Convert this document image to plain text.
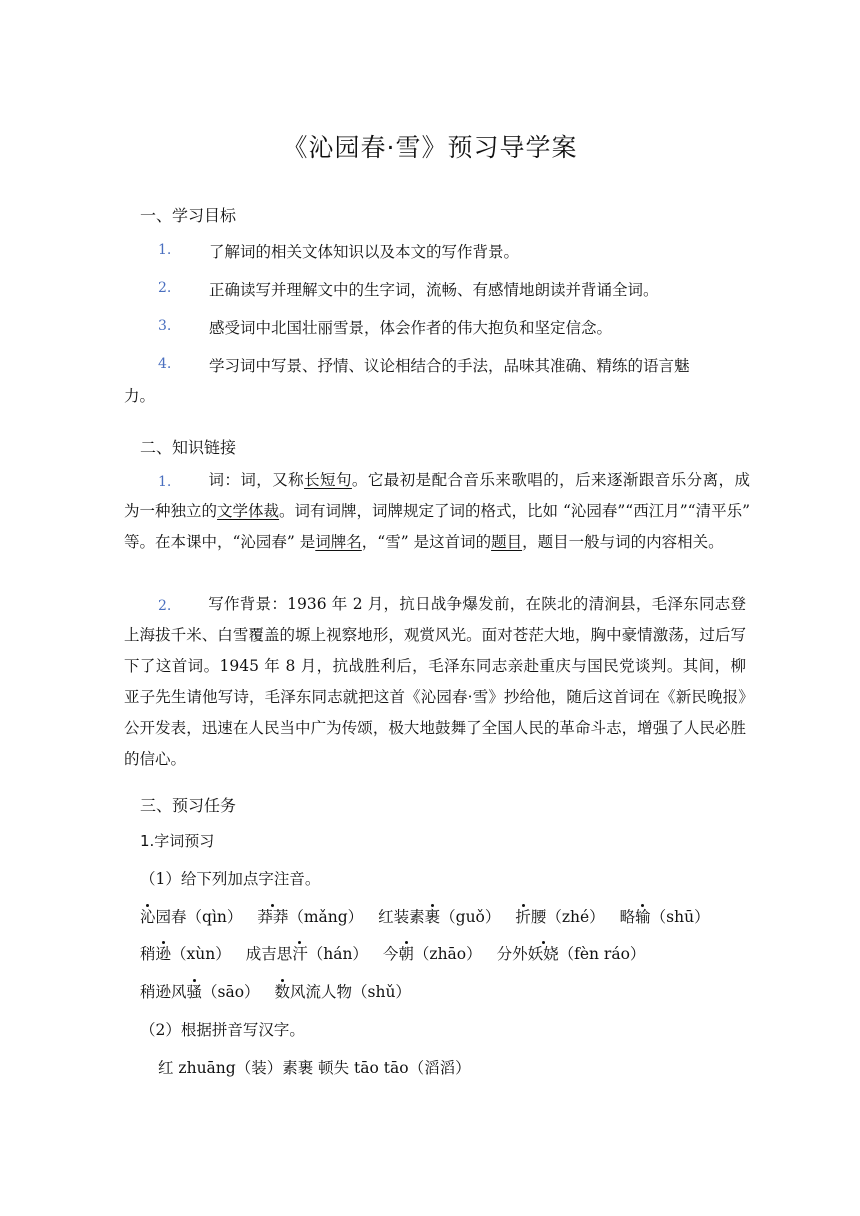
《沁园春·雪》预习导学案
一、学习目标
1. 了解词的相关文体知识以及本文的写作背景。
2. 正确读写并理解文中的生字词，流畅、有感情地朗读并背诵全词。
3. 感受词中北国壮丽雪景，体会作者的伟大抱负和坚定信念。
4. 学习词中写景、抒情、议论相结合的手法，品味其准确、精练的语言魅
力。
二、知识链接
1.	词：词，又称长短句。它最初是配合音乐来歌唱的，后来逐渐跟音乐分离，成为一种独立的文学体裁。词有词牌，词牌规定了词的格式，比如 “沁园春”“西江月”“清平乐” 等。在本课中，“沁园春” 是词牌名，“雪” 是这首词的题目，题目一般与词的内容相关。
2.	写作背景：1936 年 2 月，抗日战争爆发前，在陕北的清涧县，毛泽东同志登上海拔千米、白雪覆盖的塬上视察地形，观赏风光。面对苍茫大地，胸中豪情激荡，过后写下了这首词。1945 年 8 月，抗战胜利后，毛泽东同志亲赴重庆与国民党谈判。其间，柳亚子先生请他写诗，毛泽东同志就把这首《沁园春·雪》抄给他，随后这首词在《新民晚报》公开发表，迅速在人民当中广为传颂，极大地鼓舞了全国人民的革命斗志，增强了人民必胜的信心。
三、预习任务
1.字词预习
（1）给下列加点字注音。
沁园春（qìn） 莽莽（mǎng） 红装素裹（guǒ） 折腰（zhé） 略输（shū）
稍逊（xùn） 成吉思汗（hán） 今朝（zhāo） 分外妖娆（fèn ráo）
稍逊风骚（sāo） 数风流人物（shǔ）
（2）根据拼音写汉字。
红 zhuāng（装）素裹 顿失 tāo tāo（滔滔）
